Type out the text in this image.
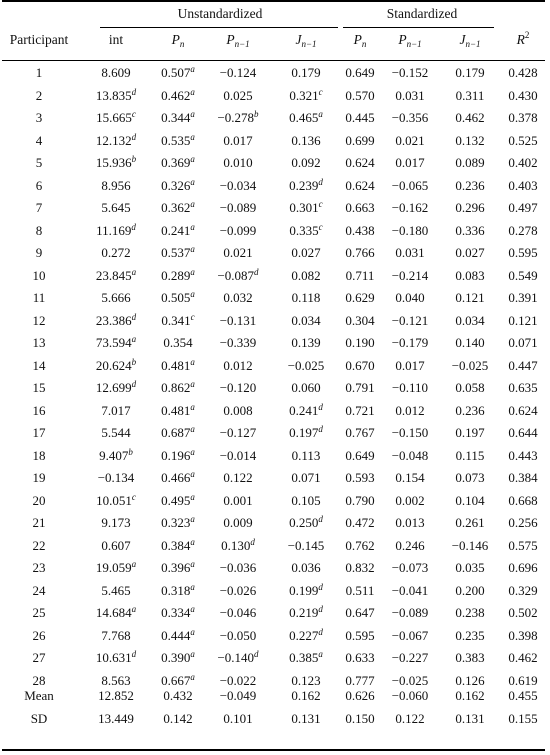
Unstandardized	Standardized
Participant	int	$P_n$	$P_{n-1}$	$J_{n-1}$	$P_n$	$P_{n-1}$	$J_{n-1}$	$R^2$
1	8.609	0.507$^a$	−0.124	0.179	0.649	−0.152	0.179	0.428
2	13.835$^d$	0.462$^a$	0.025	0.321$^c$	0.570	0.031	0.311	0.430
3	15.665$^c$	0.344$^a$	−0.278$^b$	0.465$^a$	0.445	−0.356	0.462	0.378
4	12.132$^d$	0.535$^a$	0.017	0.136	0.699	0.021	0.132	0.525
5	15.936$^b$	0.369$^a$	0.010	0.092	0.624	0.017	0.089	0.402
6	8.956	0.326$^a$	−0.034	0.239$^d$	0.624	−0.065	0.236	0.403
7	5.645	0.362$^a$	−0.089	0.301$^c$	0.663	−0.162	0.296	0.497
8	11.169$^d$	0.241$^a$	−0.099	0.335$^c$	0.438	−0.180	0.336	0.278
9	0.272	0.537$^a$	0.021	0.027	0.766	0.031	0.027	0.595
10	23.845$^a$	0.289$^a$	−0.087$^d$	0.082	0.711	−0.214	0.083	0.549
11	5.666	0.505$^a$	0.032	0.118	0.629	0.040	0.121	0.391
12	23.386$^d$	0.341$^c$	−0.131	0.034	0.304	−0.121	0.034	0.121
13	73.594$^a$	0.354	−0.339	0.139	0.190	−0.179	0.140	0.071
14	20.624$^b$	0.481$^a$	0.012	−0.025	0.670	0.017	−0.025	0.447
15	12.699$^d$	0.862$^a$	−0.120	0.060	0.791	−0.110	0.058	0.635
16	7.017	0.481$^a$	0.008	0.241$^d$	0.721	0.012	0.236	0.624
17	5.544	0.687$^a$	−0.127	0.197$^d$	0.767	−0.150	0.197	0.644
18	9.407$^b$	0.196$^a$	−0.014	0.113	0.649	−0.048	0.115	0.443
19	−0.134	0.466$^a$	0.122	0.071	0.593	0.154	0.073	0.384
20	10.051$^c$	0.495$^a$	0.001	0.105	0.790	0.002	0.104	0.668
21	9.173	0.323$^a$	0.009	0.250$^d$	0.472	0.013	0.261	0.256
22	0.607	0.384$^a$	0.130$^d$	−0.145	0.762	0.246	−0.146	0.575
23	19.059$^a$	0.396$^a$	−0.036	0.036	0.832	−0.073	0.035	0.696
24	5.465	0.318$^a$	−0.026	0.199$^d$	0.511	−0.041	0.200	0.329
25	14.684$^a$	0.334$^a$	−0.046	0.219$^d$	0.647	−0.089	0.238	0.502
26	7.768	0.444$^a$	−0.050	0.227$^d$	0.595	−0.067	0.235	0.398
27	10.631$^d$	0.390$^a$	−0.140$^d$	0.385$^a$	0.633	−0.227	0.383	0.462
28	8.563	0.667$^a$	−0.022	0.123	0.777	−0.025	0.126	0.619
Mean	12.852	0.432	−0.049	0.162	0.626	−0.060	0.162	0.455
SD	13.449	0.142	0.101	0.131	0.150	0.122	0.131	0.155
